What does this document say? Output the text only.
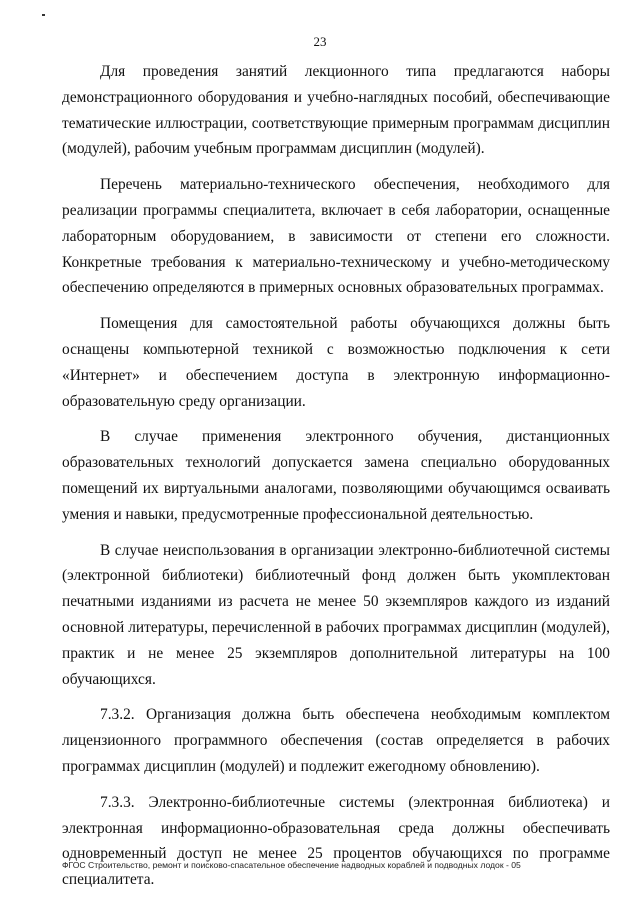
23

Для проведения занятий лекционного типа предлагаются наборы демонстрационного оборудования и учебно-наглядных пособий, обеспечивающие тематические иллюстрации, соответствующие примерным программам дисциплин (модулей), рабочим учебным программам дисциплин (модулей).

Перечень материально-технического обеспечения, необходимого для реализации программы специалитета, включает в себя лаборатории, оснащенные лабораторным оборудованием, в зависимости от степени его сложности. Конкретные требования к материально-техническому и учебно-методическому обеспечению определяются в примерных основных образовательных программах.

Помещения для самостоятельной работы обучающихся должны быть оснащены компьютерной техникой с возможностью подключения к сети «Интернет» и обеспечением доступа в электронную информационно-образовательную среду организации.

В случае применения электронного обучения, дистанционных образовательных технологий допускается замена специально оборудованных помещений их виртуальными аналогами, позволяющими обучающимся осваивать умения и навыки, предусмотренные профессиональной деятельностью.

В случае неиспользования в организации электронно-библиотечной системы (электронной библиотеки) библиотечный фонд должен быть укомплектован печатными изданиями из расчета не менее 50 экземпляров каждого из изданий основной литературы, перечисленной в рабочих программах дисциплин (модулей), практик и не менее 25 экземпляров дополнительной литературы на 100 обучающихся.

7.3.2. Организация должна быть обеспечена необходимым комплектом лицензионного программного обеспечения (состав определяется в рабочих программах дисциплин (модулей) и подлежит ежегодному обновлению).

7.3.3. Электронно-библиотечные системы (электронная библиотека) и электронная информационно-образовательная среда должны обеспечивать одновременный доступ не менее 25 процентов обучающихся по программе специалитета.

ФГОС Строительство, ремонт и поисково-спасательное обеспечение надводных кораблей и подводных лодок - 05
